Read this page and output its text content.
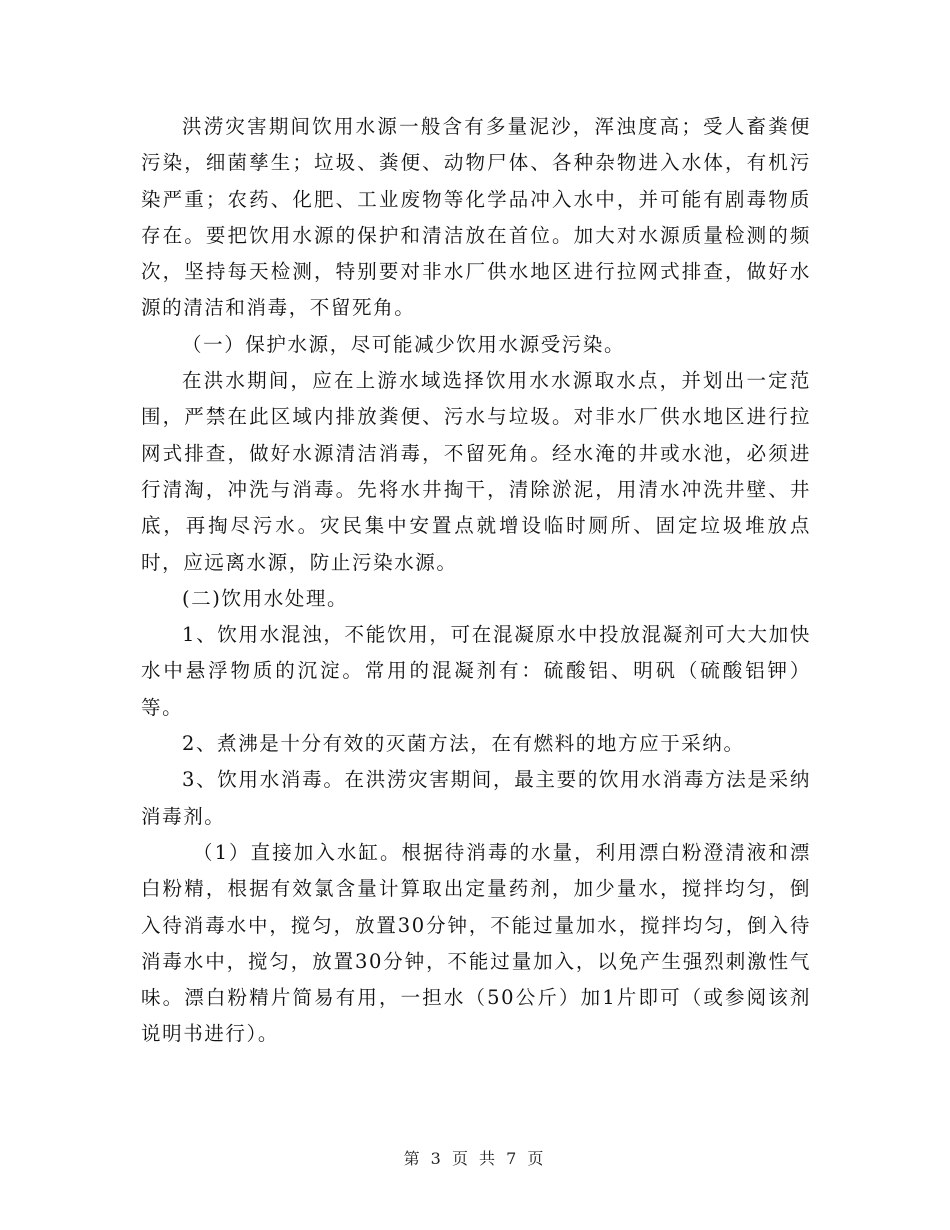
洪涝灾害期间饮用水源一般含有多量泥沙，浑浊度高；受人畜粪便污染，细菌孳生；垃圾、粪便、动物尸体、各种杂物进入水体，有机污染严重；农药、化肥、工业废物等化学品冲入水中，并可能有剧毒物质存在。要把饮用水源的保护和清洁放在首位。加大对水源质量检测的频次，坚持每天检测，特别要对非水厂供水地区进行拉网式排查，做好水源的清洁和消毒，不留死角。

（一）保护水源，尽可能减少饮用水源受污染。

在洪水期间，应在上游水域选择饮用水水源取水点，并划出一定范围，严禁在此区域内排放粪便、污水与垃圾。对非水厂供水地区进行拉网式排查，做好水源清洁消毒，不留死角。经水淹的井或水池，必须进行清淘，冲洗与消毒。先将水井掏干，清除淤泥，用清水冲洗井壁、井底，再掏尽污水。灾民集中安置点就增设临时厕所、固定垃圾堆放点时，应远离水源，防止污染水源。

(二)饮用水处理。

1、饮用水混浊，不能饮用，可在混凝原水中投放混凝剂可大大加快水中悬浮物质的沉淀。常用的混凝剂有：硫酸铝、明矾（硫酸铝钾）等。

2、煮沸是十分有效的灭菌方法，在有燃料的地方应于采纳。

3、饮用水消毒。在洪涝灾害期间，最主要的饮用水消毒方法是采纳消毒剂。

（1）直接加入水缸。根据待消毒的水量，利用漂白粉澄清液和漂白粉精，根据有效氯含量计算取出定量药剂，加少量水，搅拌均匀，倒入待消毒水中，搅匀，放置30分钟，不能过量加水，搅拌均匀，倒入待消毒水中，搅匀，放置30分钟，不能过量加入，以免产生强烈刺激性气味。漂白粉精片简易有用，一担水（50公斤）加1片即可（或参阅该剂说明书进行）。

第 3 页 共 7 页
